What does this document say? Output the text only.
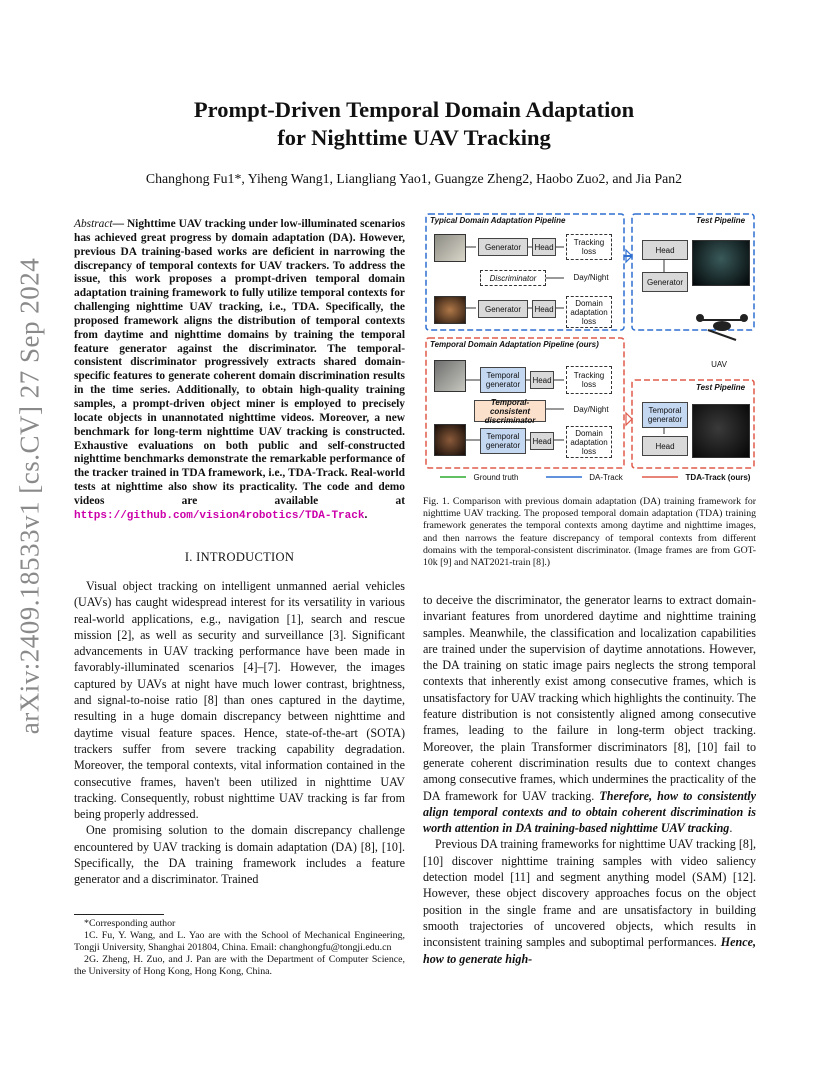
arXiv:2409.18533v1 [cs.CV] 27 Sep 2024
Prompt-Driven Temporal Domain Adaptation
for Nighttime UAV Tracking
Changhong Fu1*, Yiheng Wang1, Liangliang Yao1, Guangze Zheng2, Haobo Zuo2, and Jia Pan2

Abstract— Nighttime UAV tracking under low-illuminated scenarios has achieved great progress by domain adaptation (DA). However, previous DA training-based works are deficient in narrowing the discrepancy of temporal contexts for UAV trackers. To address the issue, this work proposes a prompt-driven temporal domain adaptation training framework to fully utilize temporal contexts for challenging nighttime UAV tracking, i.e., TDA. Specifically, the proposed framework aligns the distribution of temporal contexts from daytime and nighttime domains by training the temporal feature generator against the discriminator. The temporal-consistent discriminator progressively extracts shared domain-specific features to generate coherent domain discrimination results in the time series. Additionally, to obtain high-quality training samples, a prompt-driven object miner is employed to precisely locate objects in unannotated nighttime videos. Moreover, a new benchmark for long-term nighttime UAV tracking is constructed. Exhaustive evaluations on both public and self-constructed nighttime benchmarks demonstrate the remarkable performance of the tracker trained in TDA framework, i.e., TDA-Track. Real-world tests at nighttime also show its practicality. The code and demo videos are available at https://github.com/vision4robotics/TDA-Track.

I. INTRODUCTION

Visual object tracking on intelligent unmanned aerial vehicles (UAVs) has caught widespread interest for its versatility in various real-world applications, e.g., navigation [1], search and rescue mission [2], as well as security and surveillance [3]. Significant advancements in UAV tracking performance have been made in favorably-illuminated scenarios [4]–[7]. However, the images captured by UAVs at night have much lower contrast, brightness, and signal-to-noise ratio [8] than ones captured in the daytime, resulting in a huge domain discrepancy between nighttime and daytime visual feature spaces. Hence, state-of-the-art (SOTA) trackers suffer from severe tracking capability degradation. Moreover, the temporal contexts, vital information contained in the consecutive frames, haven't been utilized in nighttime UAV tracking. Consequently, robust nighttime UAV tracking is far from being properly addressed.

One promising solution to the domain discrepancy challenge encountered by UAV tracking is domain adaptation (DA) [8], [10]. Specifically, the DA training framework includes a feature generator and a discriminator. Trained

*Corresponding author

1C. Fu, Y. Wang, and L. Yao are with the School of Mechanical Engineering, Tongji University, Shanghai 201804, China. Email: changhongfu@tongji.edu.cn

2G. Zheng, H. Zuo, and J. Pan are with the Department of Computer Science, the University of Hong Kong, Hong Kong, China.

Typical Domain Adaptation Pipeline	Test Pipeline
Temporal Domain Adaptation Pipeline (ours)
Test Pipeline
Generator	Head	Tracking loss
Discriminator	Day/Night
Generator	Head
Domain adaptation loss
Head
Generator
UAV
Temporal generator	Head	Tracking loss
Temporal-consistent discriminator
Day/Night
Temporal generator	Head
Domain adaptation loss
Temporal generator
Head
Ground truth	DA-Track	TDA-Track (ours)
Fig. 1. Comparison with previous domain adaptation (DA) training framework for nighttime UAV tracking. The proposed temporal domain adaptation (TDA) training framework generates the temporal contexts among daytime and nighttime images, and then narrows the feature discrepancy of temporal contexts from different domains with the temporal-consistent discriminator. (Image frames are from GOT-10k [9] and NAT2021-train [8].)

to deceive the discriminator, the generator learns to extract domain-invariant features from unordered daytime and nighttime training samples. Meanwhile, the classification and localization capabilities are trained under the supervision of daytime annotations. However, the DA training on static image pairs neglects the strong temporal contexts that inherently exist among consecutive frames, which is unsatisfactory for UAV tracking which highlights the continuity. The feature distribution is not consistently aligned among consecutive frames, leading to the failure in long-term object tracking. Moreover, the plain Transformer discriminators [8], [10] fail to generate coherent discrimination results due to context changes among consecutive frames, which undermines the practicality of the DA framework for UAV tracking. Therefore, how to consistently align temporal contexts and to obtain coherent discrimination is worth attention in DA training-based nighttime UAV tracking.

Previous DA training frameworks for nighttime UAV tracking [8], [10] discover nighttime training samples with video saliency detection model [11] and segment anything model (SAM) [12]. However, these object discovery approaches focus on the object position in the single frame and are unsatisfactory in building smooth trajectories of uncovered objects, which results in inconsistent training samples and suboptimal performances. Hence, how to generate high-
